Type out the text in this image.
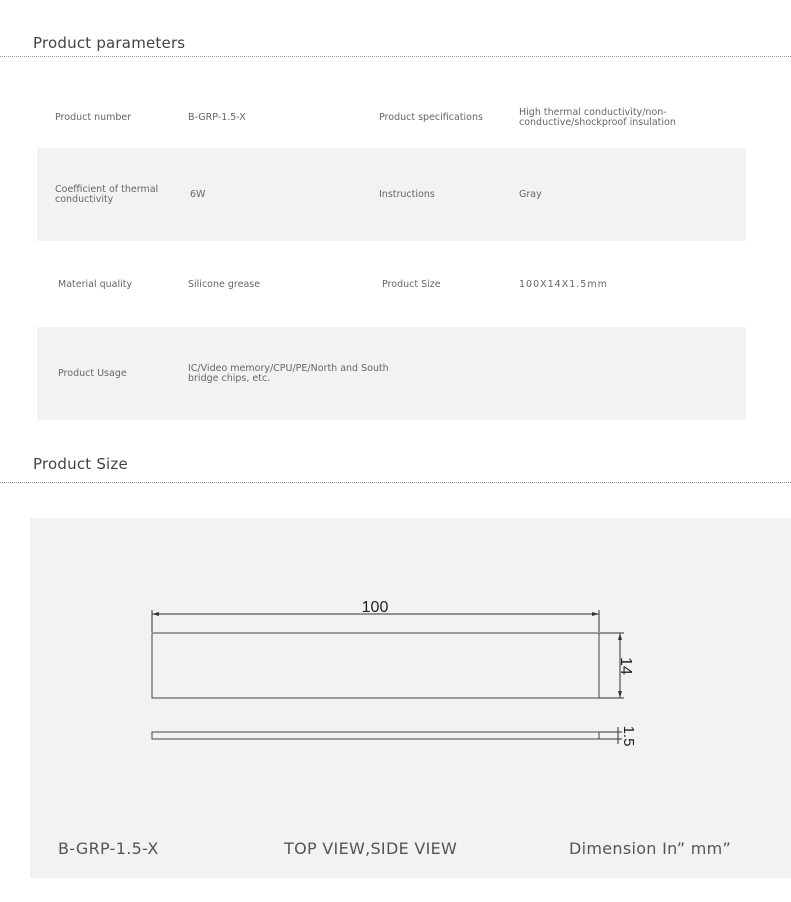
Product parameters
Product number	B-GRP-1.5-X	Product specifications	High thermal conductivity/non-conductive/shockproof insulation
Coefficient of thermal conductivity	6W	Instructions	Gray
Material quality	Silicone grease	Product Size	100X14X1.5mm
Product Usage	IC/Video memory/CPU/PE/North and South bridge chips, etc.
Product Size
100
14
1.5
B-GRP-1.5-X	TOP VIEW,SIDE VIEW	Dimension In” mm”
